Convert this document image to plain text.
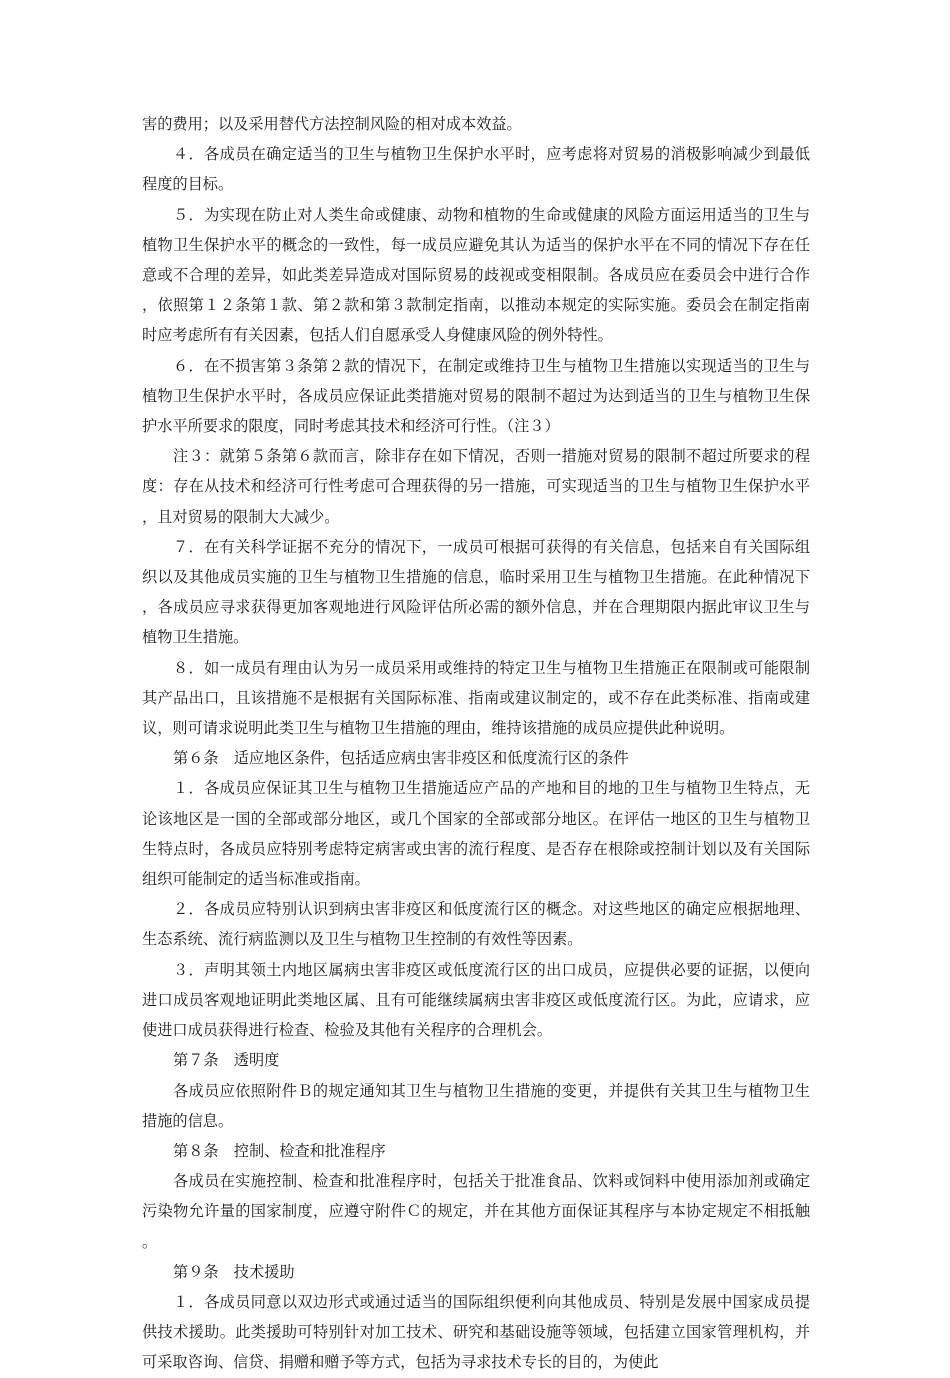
害的费用；以及采用替代方法控制风险的相对成本效益。

４．各成员在确定适当的卫生与植物卫生保护水平时，应考虑将对贸易的消极影响减少到最低程度的目标。

５．为实现在防止对人类生命或健康、动物和植物的生命或健康的风险方面运用适当的卫生与植物卫生保护水平的概念的一致性，每一成员应避免其认为适当的保护水平在不同的情况下存在任意或不合理的差异，如此类差异造成对国际贸易的歧视或变相限制。各成员应在委员会中进行合作，依照第１２条第１款、第２款和第３款制定指南，以推动本规定的实际实施。委员会在制定指南时应考虑所有有关因素，包括人们自愿承受人身健康风险的例外特性。

６．在不损害第３条第２款的情况下，在制定或维持卫生与植物卫生措施以实现适当的卫生与植物卫生保护水平时，各成员应保证此类措施对贸易的限制不超过为达到适当的卫生与植物卫生保护水平所要求的限度，同时考虑其技术和经济可行性。（注３）

注３：就第５条第６款而言，除非存在如下情况，否则一措施对贸易的限制不超过所要求的程度：存在从技术和经济可行性考虑可合理获得的另一措施，可实现适当的卫生与植物卫生保护水平，且对贸易的限制大大减少。

７．在有关科学证据不充分的情况下，一成员可根据可获得的有关信息，包括来自有关国际组织以及其他成员实施的卫生与植物卫生措施的信息，临时采用卫生与植物卫生措施。在此种情况下，各成员应寻求获得更加客观地进行风险评估所必需的额外信息，并在合理期限内据此审议卫生与植物卫生措施。

８．如一成员有理由认为另一成员采用或维持的特定卫生与植物卫生措施正在限制或可能限制其产品出口，且该措施不是根据有关国际标准、指南或建议制定的，或不存在此类标准、指南或建议，则可请求说明此类卫生与植物卫生措施的理由，维持该措施的成员应提供此种说明。

第６条　适应地区条件，包括适应病虫害非疫区和低度流行区的条件

１．各成员应保证其卫生与植物卫生措施适应产品的产地和目的地的卫生与植物卫生特点，无论该地区是一国的全部或部分地区，或几个国家的全部或部分地区。在评估一地区的卫生与植物卫生特点时，各成员应特别考虑特定病害或虫害的流行程度、是否存在根除或控制计划以及有关国际组织可能制定的适当标准或指南。

２．各成员应特别认识到病虫害非疫区和低度流行区的概念。对这些地区的确定应根据地理、生态系统、流行病监测以及卫生与植物卫生控制的有效性等因素。

３．声明其领土内地区属病虫害非疫区或低度流行区的出口成员，应提供必要的证据，以便向进口成员客观地证明此类地区属、且有可能继续属病虫害非疫区或低度流行区。为此，应请求，应使进口成员获得进行检查、检验及其他有关程序的合理机会。

第７条　透明度

各成员应依照附件Ｂ的规定通知其卫生与植物卫生措施的变更，并提供有关其卫生与植物卫生措施的信息。

第８条　控制、检查和批准程序

各成员在实施控制、检查和批准程序时，包括关于批准食品、饮料或饲料中使用添加剂或确定污染物允许量的国家制度，应遵守附件Ｃ的规定，并在其他方面保证其程序与本协定规定不相抵触。

第９条　技术援助

１．各成员同意以双边形式或通过适当的国际组织便利向其他成员、特别是发展中国家成员提供技术援助。此类援助可特别针对加工技术、研究和基础设施等领域，包括建立国家管理机构，并可采取咨询、信贷、捐赠和赠予等方式，包括为寻求技术专长的目的，为使此
